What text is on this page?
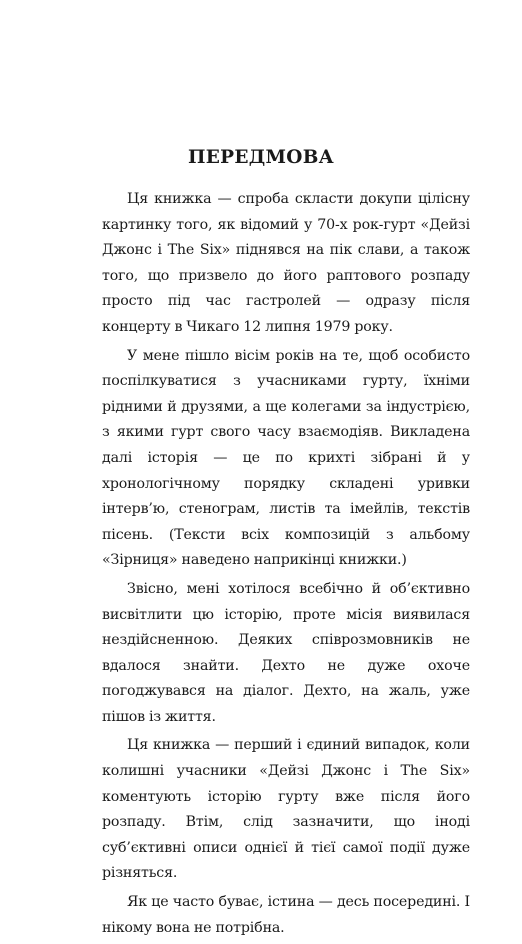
ПЕРЕДМОВА

Ця книжка — спроба скласти докупи цілісну картинку того, як відомий у 70-х рок-гурт «Дейзі Джонс і The Six» піднявся на пік слави, а також того, що призвело до його раптового розпаду просто під час гастролей — одразу після концерту в Чикаго 12 липня 1979 року.

У мене пішло вісім років на те, щоб особисто поспілкуватися з учасниками гурту, їхніми рідними й друзями, а ще колегами за індустрією, з якими гурт свого часу взаємодіяв. Викладена далі історія — це по крихті зібрані й у хронологічному порядку складені уривки інтерв’ю, стенограм, листів та імейлів, текстів пісень. (Тексти всіх композицій з альбому «Зірниця» наведено наприкінці книжки.)

Звісно, мені хотілося всебічно й об’єктивно висвітлити цю історію, проте місія виявилася нездійсненною. Деяких співрозмовників не вдалося знайти. Дехто не дуже охоче погоджувався на діалог. Дехто, на жаль, уже пішов із життя.

Ця книжка — перший і єдиний випадок, коли колишні учасники «Дейзі Джонс і The Six» коментують історію гурту вже після його розпаду. Втім, слід зазначити, що іноді суб’єктивні описи однієї й тієї самої події дуже різняться.

Як це часто буває, істина — десь посередині. І нікому вона не потрібна.
